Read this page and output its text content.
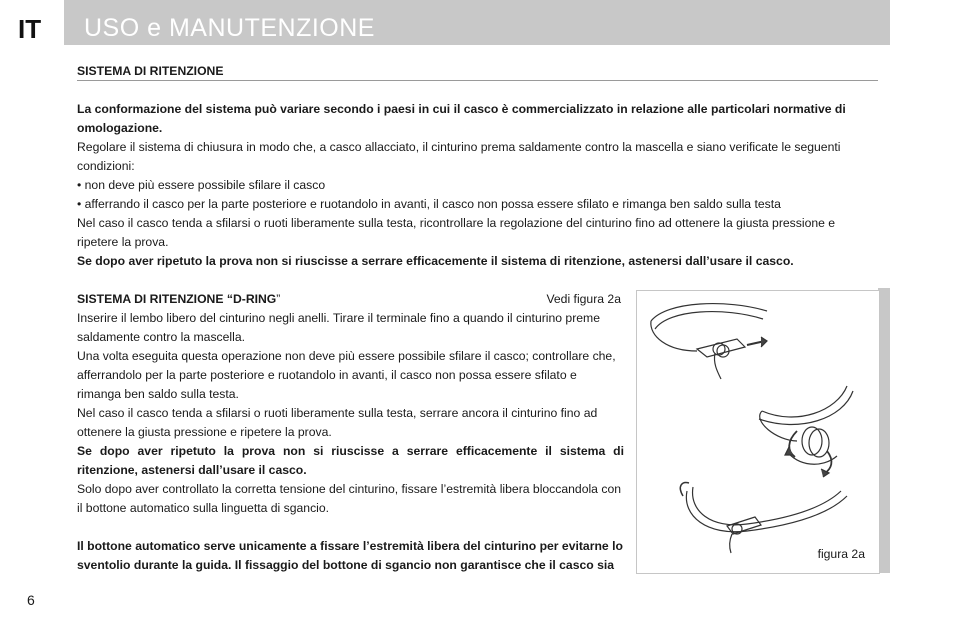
IT USO e MANUTENZIONE
SISTEMA DI RITENZIONE

La conformazione del sistema può variare secondo i paesi in cui il casco è commercializzato in relazione alle particolari normative di omologazione.

Regolare il sistema di chiusura in modo che, a casco allacciato, il cinturino prema saldamente contro la mascella e siano verificate le seguenti condizioni:

• non deve più essere possibile sfilare il casco

• afferrando il casco per la parte posteriore e ruotandolo in avanti, il casco non possa essere sfilato e rimanga ben saldo sulla testa

Nel caso il casco tenda a sfilarsi o ruoti liberamente sulla testa, ricontrollare la regolazione del cinturino fino ad ottenere la giusta pressione e ripetere la prova.

Se dopo aver ripetuto la prova non si riuscisse a serrare efficacemente il sistema di ritenzione, astenersi dall’usare il casco.

SISTEMA DI RITENZIONE “D-RING”	Vedi figura 2a

Inserire il lembo libero del cinturino negli anelli. Tirare il terminale fino a quando il cinturino preme saldamente contro la mascella.

Una volta eseguita questa operazione non deve più essere possibile sfilare il casco; controllare che, afferrandolo per la parte posteriore e ruotandolo in avanti, il casco non possa essere sfilato e rimanga ben saldo sulla testa.

Nel caso il casco tenda a sfilarsi o ruoti liberamente sulla testa, serrare ancora il cinturino fino ad ottenere la giusta pressione e ripetere la prova.

Se dopo aver ripetuto la prova non si riuscisse a serrare efficacemente il sistema di ritenzione, astenersi dall’usare il casco.

Solo dopo aver controllato la corretta tensione del cinturino, fissare l’estremità libera bloccandola con il bottone automatico sulla linguetta di sgancio.

Il bottone automatico serve unicamente a fissare l’estremità libera del cinturino per evitarne lo sventolio durante la guida. Il fissaggio del bottone di sgancio non garantisce che il casco sia

figura 2a
6
